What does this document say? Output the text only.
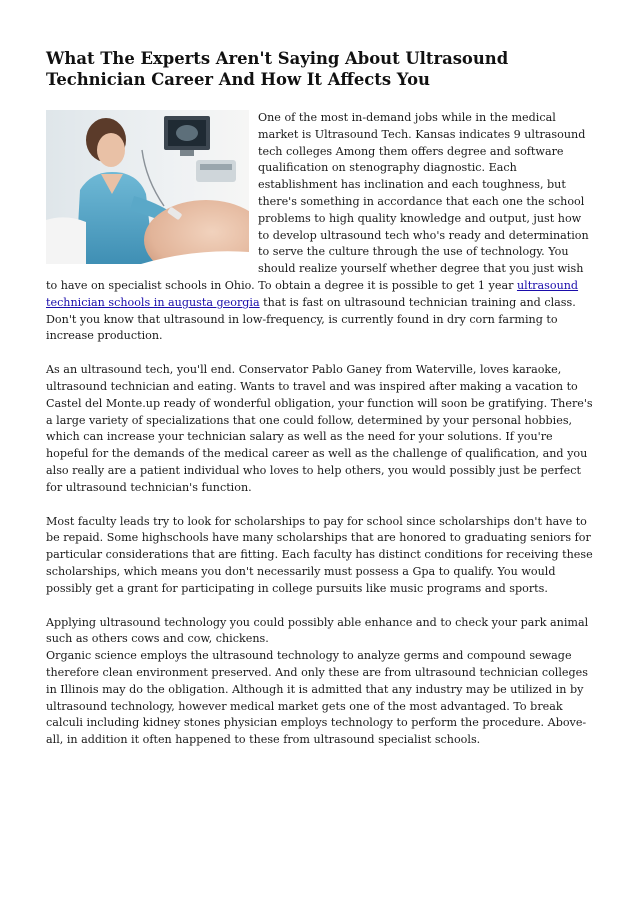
What The Experts Aren't Saying About Ultrasound Technician Career And How It Affects You

One of the most in-demand jobs while in the medical market is Ultrasound Tech. Kansas indicates 9 ultrasound tech colleges Among them offers degree and software qualification on stenography diagnostic. Each establishment has inclination and each toughness, but there's something in accordance that each one the school problems to high quality knowledge and output, just how to develop ultrasound tech who's ready and determination to serve the culture through the use of technology. You should realize yourself whether degree that you just wish to have on specialist schools in Ohio. To obtain a degree it is possible to get 1 year ultrasound technician schools in augusta georgia that is fast on ultrasound technician training and class. Don't you know that ultrasound in low-frequency, is currently found in dry corn farming to increase production.

As an ultrasound tech, you'll end. Conservator Pablo Ganey from Waterville, loves karaoke, ultrasound technician and eating. Wants to travel and was inspired after making a vacation to Castel del Monte.up ready of wonderful obligation, your function will soon be gratifying. There's a large variety of specializations that one could follow, determined by your personal hobbies, which can increase your technician salary as well as the need for your solutions. If you're hopeful for the demands of the medical career as well as the challenge of qualification, and you also really are a patient individual who loves to help others, you would possibly just be perfect for ultrasound technician's function.

Most faculty leads try to look for scholarships to pay for school since scholarships don't have to be repaid. Some highschools have many scholarships that are honored to graduating seniors for particular considerations that are fitting. Each faculty has distinct conditions for receiving these scholarships, which means you don't necessarily must possess a Gpa to qualify. You would possibly get a grant for participating in college pursuits like music programs and sports.

Applying ultrasound technology you could possibly able enhance and to check your park animal such as others cows and cow, chickens.

Organic science employs the ultrasound technology to analyze germs and compound sewage therefore clean environment preserved. And only these are from ultrasound technician colleges in Illinois may do the obligation. Although it is admitted that any industry may be utilized in by ultrasound technology, however medical market gets one of the most advantaged. To break calculi including kidney stones physician employs technology to perform the procedure. Above-all, in addition it often happened to these from ultrasound specialist schools.
